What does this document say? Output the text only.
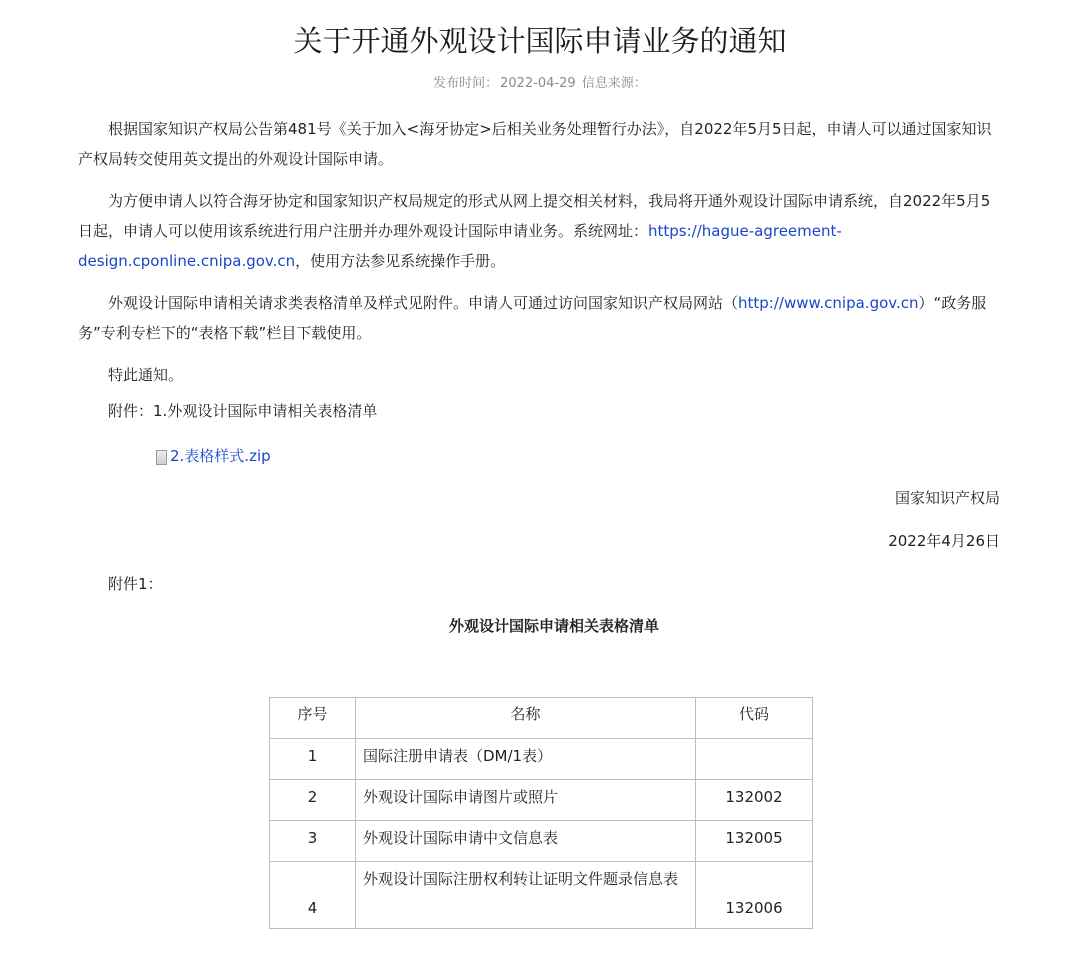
关于开通外观设计国际申请业务的通知
发布时间： 2022-04-29 信息来源：

根据国家知识产权局公告第481号《关于加入<海牙协定>后相关业务处理暂行办法》，自2022年5月5日起，申请人可以通过国家知识产权局转交使用英文提出的外观设计国际申请。

为方便申请人以符合海牙协定和国家知识产权局规定的形式从网上提交相关材料，我局将开通外观设计国际申请系统，自2022年5月5日起，申请人可以使用该系统进行用户注册并办理外观设计国际申请业务。系统网址：https://hague-agreement-design.cponline.cnipa.gov.cn，使用方法参见系统操作手册。

外观设计国际申请相关请求类表格清单及样式见附件。申请人可通过访问国家知识产权局网站（http://www.cnipa.gov.cn）“政务服务”专利专栏下的“表格下载”栏目下载使用。

特此通知。

附件：1.外观设计国际申请相关表格清单
2.表格样式.zip
国家知识产权局
2022年4月26日
附件1：
外观设计国际申请相关表格清单
序号	名称	代码
1	国际注册申请表（DM/1表）	
2	外观设计国际申请图片或照片	132002
3	外观设计国际申请中文信息表	132005
4	外观设计国际注册权利转让证明文件题录信息表	132006
